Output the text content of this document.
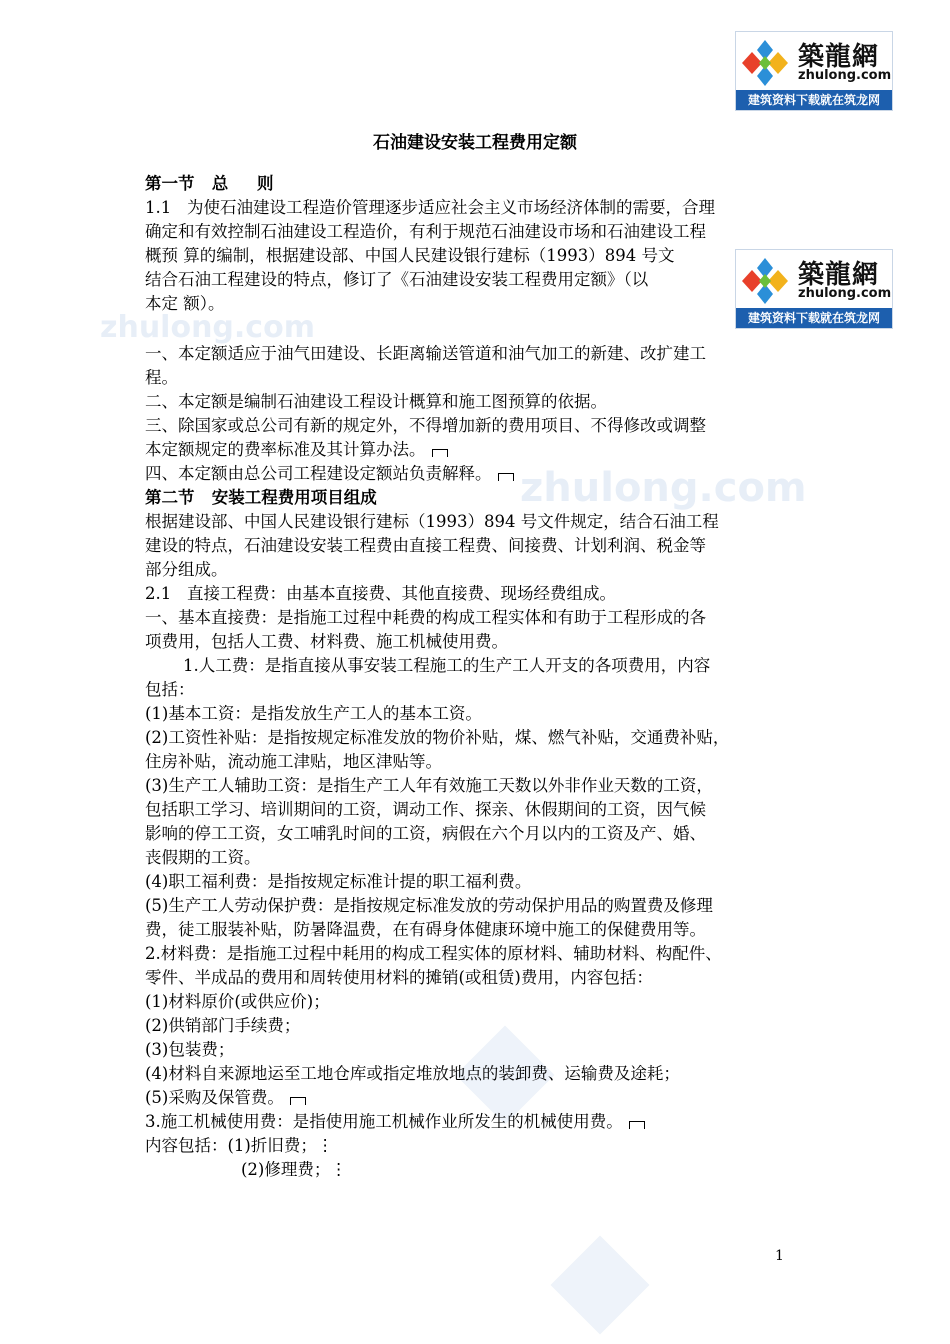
zhulong.com
zhulong.com
築龍網
zhulong.com
建筑资料下载就在筑龙网
築龍網
zhulong.com
建筑资料下载就在筑龙网
石油建设安装工程费用定额

第一节   总     则

1.1   为使石油建设工程造价管理逐步适应社会主义市场经济体制的需要，合理

确定和有效控制石油建设工程造价，有利于规范石油建设市场和石油建设工程

概预 算的编制，根据建设部、中国人民建设银行建标（1993）894 号文

结合石油工程建设的特点，修订了《石油建设安装工程费用定额》（以

本定 额）。

一、本定额适应于油气田建设、长距离输送管道和油气加工的新建、改扩建工

程。

二、本定额是编制石油建设工程设计概算和施工图预算的依据。

三、除国家或总公司有新的规定外，不得增加新的费用项目、不得修改或调整

本定额规定的费率标准及其计算办法。

四、本定额由总公司工程建设定额站负责解释。

第二节   安装工程费用项目组成

根据建设部、中国人民建设银行建标（1993）894 号文件规定，结合石油工程

建设的特点，石油建设安装工程费由直接工程费、间接费、计划利润、税金等

部分组成。

2.1   直接工程费：由基本直接费、其他直接费、现场经费组成。

一、基本直接费：是指施工过程中耗费的构成工程实体和有助于工程形成的各

项费用，包括人工费、材料费、施工机械使用费。

1.人工费：是指直接从事安装工程施工的生产工人开支的各项费用，内容

包括：

(1)基本工资：是指发放生产工人的基本工资。

(2)工资性补贴：是指按规定标准发放的物价补贴，煤、燃气补贴，交通费补贴，

住房补贴，流动施工津贴，地区津贴等。

(3)生产工人辅助工资：是指生产工人年有效施工天数以外非作业天数的工资，

包括职工学习、培训期间的工资，调动工作、探亲、休假期间的工资，因气候

影响的停工工资，女工哺乳时间的工资，病假在六个月以内的工资及产、婚、

丧假期的工资。

(4)职工福利费：是指按规定标准计提的职工福利费。

(5)生产工人劳动保护费：是指按规定标准发放的劳动保护用品的购置费及修理

费，徒工服装补贴，防暑降温费，在有碍身体健康环境中施工的保健费用等。

2.材料费：是指施工过程中耗用的构成工程实体的原材料、辅助材料、构配件、

零件、半成品的费用和周转使用材料的摊销(或租赁)费用，内容包括：

(1)材料原价(或供应价)；

(2)供销部门手续费；

(3)包装费；

(4)材料自来源地运至工地仓库或指定堆放地点的装卸费、运输费及途耗；

(5)采购及保管费。

3.施工机械使用费：是指使用施工机械作业所发生的机械使用费。

内容包括：(1)折旧费；⋮

(2)修理费；⋮

1
